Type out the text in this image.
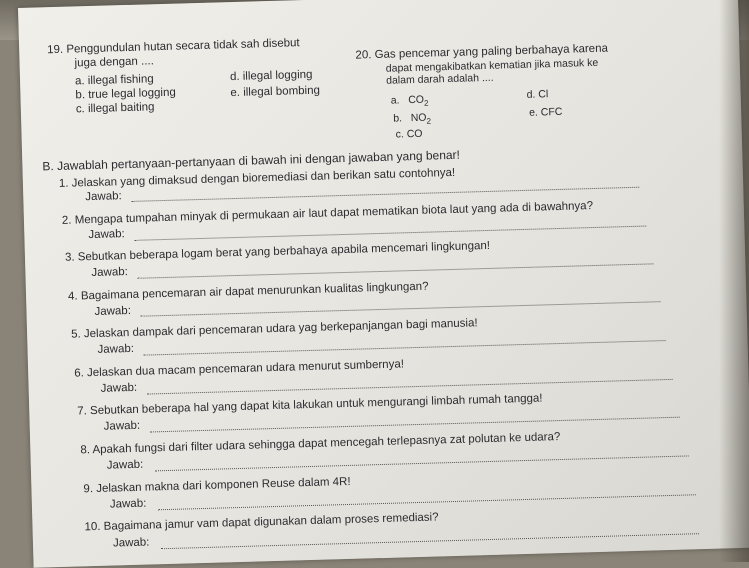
19. Penggundulan hutan secara tidak sah disebut
juga dengan ....
a. illegal fishing	d. illegal logging
b. true legal logging	e. illegal bombing
c. illegal baiting
20. Gas pencemar yang paling berbahaya karena
dapat mengakibatkan kematian jika masuk ke
dalam darah adalah ....
a.   $CO_2$
d. Cl
b.   $NO_2$
e. CFC
c. CO
B. Jawablah pertanyaan-pertanyaan di bawah ini dengan jawaban yang benar!
1. Jelaskan yang dimaksud dengan bioremediasi dan berikan satu contohnya!
Jawab:
2. Mengapa tumpahan minyak di permukaan air laut dapat mematikan biota laut yang ada di bawahnya?
Jawab:
3. Sebutkan beberapa logam berat yang berbahaya apabila mencemari lingkungan!
Jawab:
4. Bagaimana pencemaran air dapat menurunkan kualitas lingkungan?
Jawab:
5. Jelaskan dampak dari pencemaran udara yag berkepanjangan bagi manusia!
Jawab:
6. Jelaskan dua macam pencemaran udara menurut sumbernya!
Jawab:
7. Sebutkan beberapa hal yang dapat kita lakukan untuk mengurangi limbah rumah tangga!
Jawab:
8. Apakah fungsi dari filter udara sehingga dapat mencegah terlepasnya zat polutan ke udara?
Jawab:
9. Jelaskan makna dari komponen Reuse dalam 4R!
Jawab:
10. Bagaimana jamur vam dapat digunakan dalam proses remediasi?
Jawab:
